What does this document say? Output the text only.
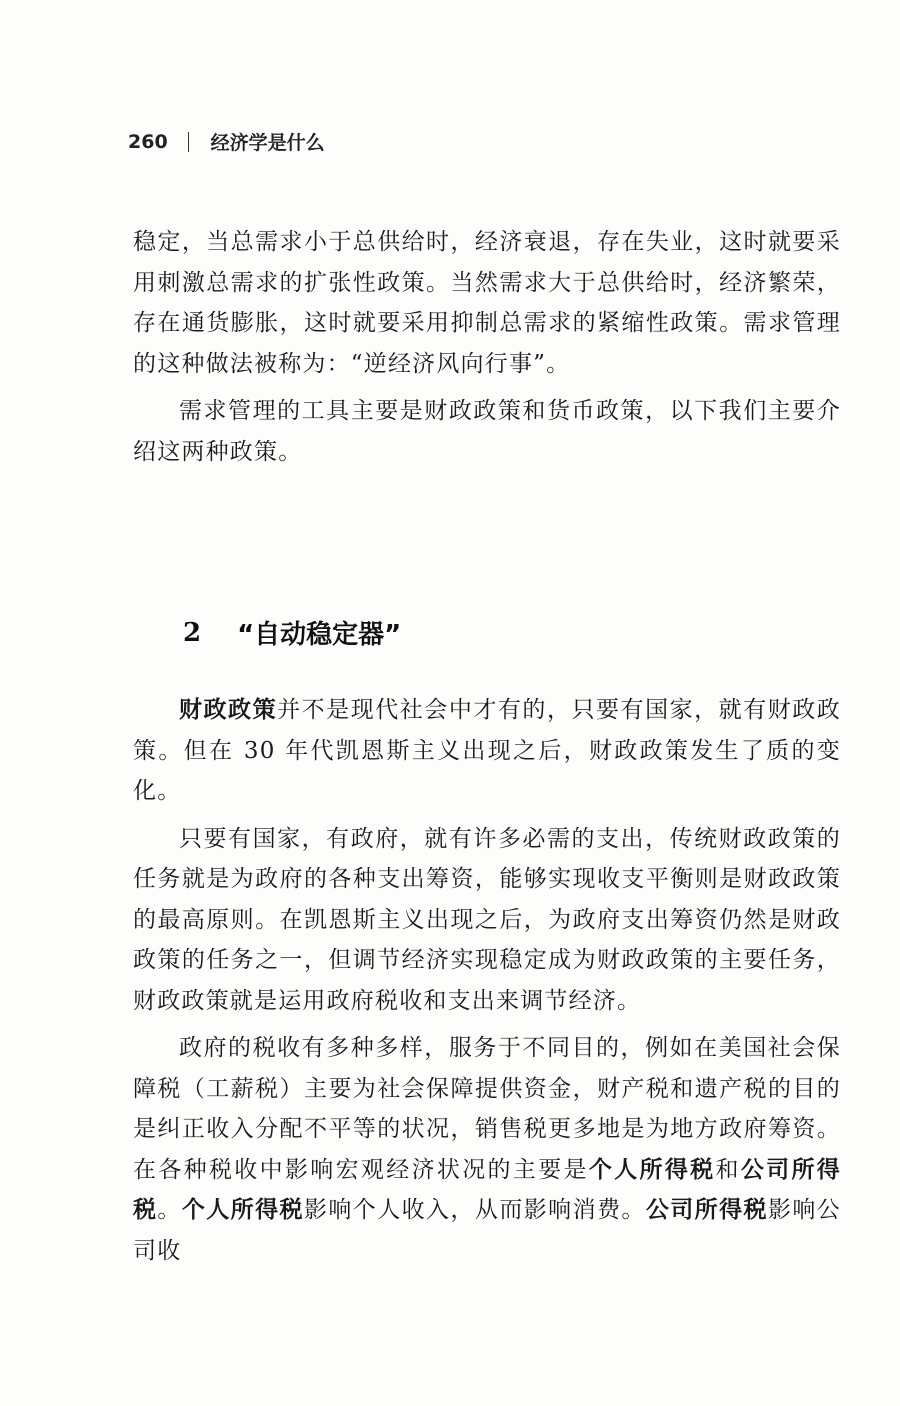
260 经济学是什么

稳定，当总需求小于总供给时，经济衰退，存在失业，这时就要采用刺激总需求的扩张性政策。当然需求大于总供给时，经济繁荣，存在通货膨胀，这时就要采用抑制总需求的紧缩性政策。需求管理的这种做法被称为：“逆经济风向行事”。

需求管理的工具主要是财政政策和货币政策，以下我们主要介绍这两种政策。

2 “自动稳定器”

财政政策并不是现代社会中才有的，只要有国家，就有财政政策。但在 30 年代凯恩斯主义出现之后，财政政策发生了质的变化。

只要有国家，有政府，就有许多必需的支出，传统财政政策的任务就是为政府的各种支出筹资，能够实现收支平衡则是财政政策的最高原则。在凯恩斯主义出现之后，为政府支出筹资仍然是财政政策的任务之一，但调节经济实现稳定成为财政政策的主要任务，财政政策就是运用政府税收和支出来调节经济。

政府的税收有多种多样，服务于不同目的，例如在美国社会保障税（工薪税）主要为社会保障提供资金，财产税和遗产税的目的是纠正收入分配不平等的状况，销售税更多地是为地方政府筹资。在各种税收中影响宏观经济状况的主要是个人所得税和公司所得税。个人所得税影响个人收入，从而影响消费。公司所得税影响公司收
